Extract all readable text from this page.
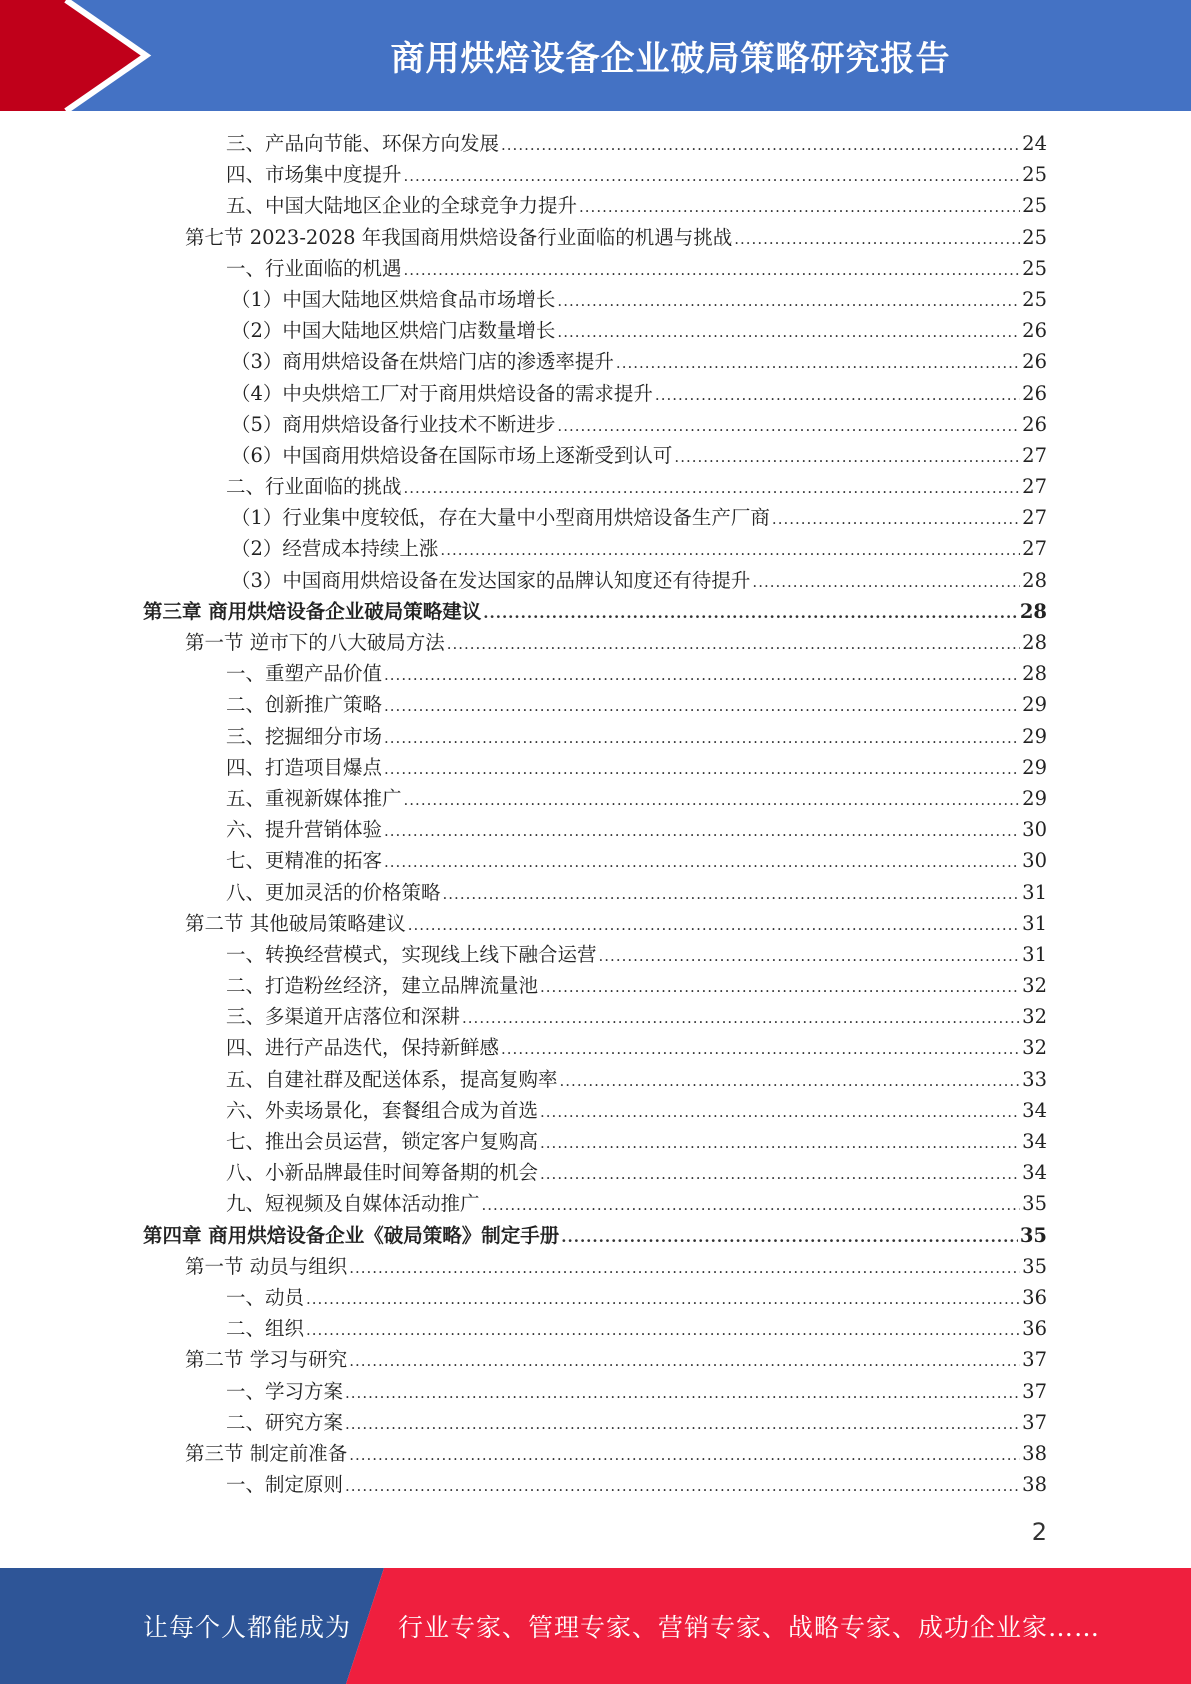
商用烘焙设备企业破局策略研究报告
三、产品向节能、环保方向发展 .....	24
四、市场集中度提升 .....	25
五、中国大陆地区企业的全球竞争力提升 .....	25
第七节 2023-2028 年我国商用烘焙设备行业面临的机遇与挑战 .....	25
一、行业面临的机遇 .....	25
（1）中国大陆地区烘焙食品市场增长 .....	25
（2）中国大陆地区烘焙门店数量增长 .....	26
（3）商用烘焙设备在烘焙门店的渗透率提升 .....	26
（4）中央烘焙工厂对于商用烘焙设备的需求提升 .....	26
（5）商用烘焙设备行业技术不断进步 .....	26
（6）中国商用烘焙设备在国际市场上逐渐受到认可 .....	27
二、行业面临的挑战 .....	27
（1）行业集中度较低，存在大量中小型商用烘焙设备生产厂商 .....	27
（2）经营成本持续上涨 .....	27
（3）中国商用烘焙设备在发达国家的品牌认知度还有待提升 .....	28
第三章 商用烘焙设备企业破局策略建议 .....	28
第一节 逆市下的八大破局方法 .....	28
一、重塑产品价值 .....	28
二、创新推广策略 .....	29
三、挖掘细分市场 .....	29
四、打造项目爆点 .....	29
五、重视新媒体推广 .....	29
六、提升营销体验 .....	30
七、更精准的拓客 .....	30
八、更加灵活的价格策略 .....	31
第二节 其他破局策略建议 .....	31
一、转换经营模式，实现线上线下融合运营 .....	31
二、打造粉丝经济，建立品牌流量池 .....	32
三、多渠道开店落位和深耕 .....	32
四、进行产品迭代，保持新鲜感 .....	32
五、自建社群及配送体系，提高复购率 .....	33
六、外卖场景化，套餐组合成为首选 .....	34
七、推出会员运营，锁定客户复购高 .....	34
八、小新品牌最佳时间筹备期的机会 .....	34
九、短视频及自媒体活动推广 .....	35
第四章 商用烘焙设备企业《破局策略》制定手册 .....	35
第一节 动员与组织 .....	35
一、动员 .....	36
二、组织 .....	36
第二节 学习与研究 .....	37
一、学习方案 .....	37
二、研究方案 .....	37
第三节 制定前准备 .....	38
一、制定原则 .....	38
2
让每个人都能成为 行业专家、管理专家、营销专家、战略专家、成功企业家……
